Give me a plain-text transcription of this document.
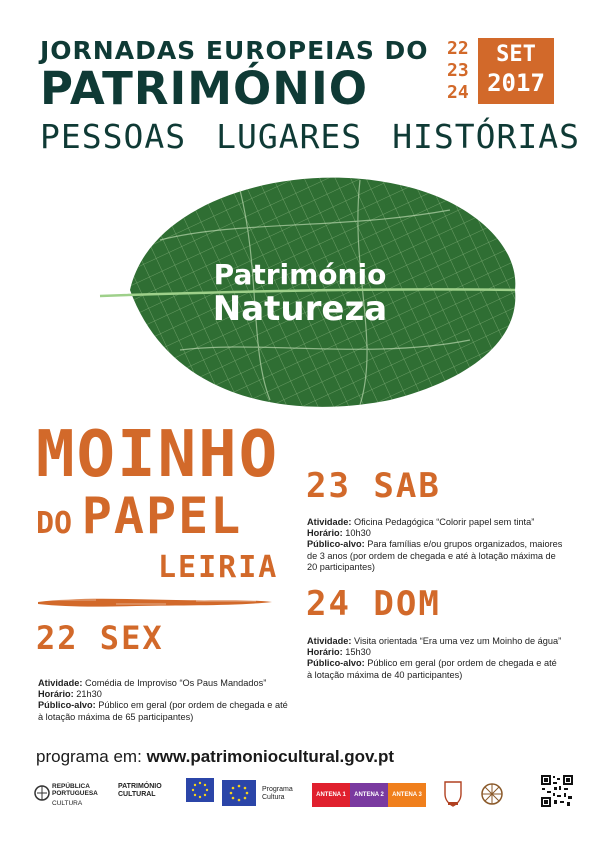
JORNADAS EUROPEIAS DO
PATRIMÓNIO
PESSOAS LUGARES HISTÓRIAS
22
23
24
SET
2017
Património
Natureza
MOINHO
DO PAPEL
LEIRIA
22 SEX
23 SAB
24 DOM
Atividade: Comédia de Improviso “Os Paus Mandados”
Horário: 21h30
Público-alvo: Público em geral (por ordem de chegada e até à lotação máxima de 65 participantes)
Atividade: Oficina Pedagógica “Colorir papel sem tinta”
Horário: 10h30
Público-alvo: Para famílias e/ou grupos organizados, maiores de 3 anos (por ordem de chegada e até à lotação máxima de 20 participantes)
Atividade: Visita orientada “Era uma vez um Moinho de água”
Horário: 15h30
Público-alvo: Público em geral (por ordem de chegada e até à lotação máxima de 40 participantes)
programa em: www.patrimoniocultural.gov.pt
REPÚBLICA
PORTUGUESA
CULTURA
PATRIMÓNIO
CULTURAL
Programa
Cultura	ANTENA 1	ANTENA 2	ANTENA 3
